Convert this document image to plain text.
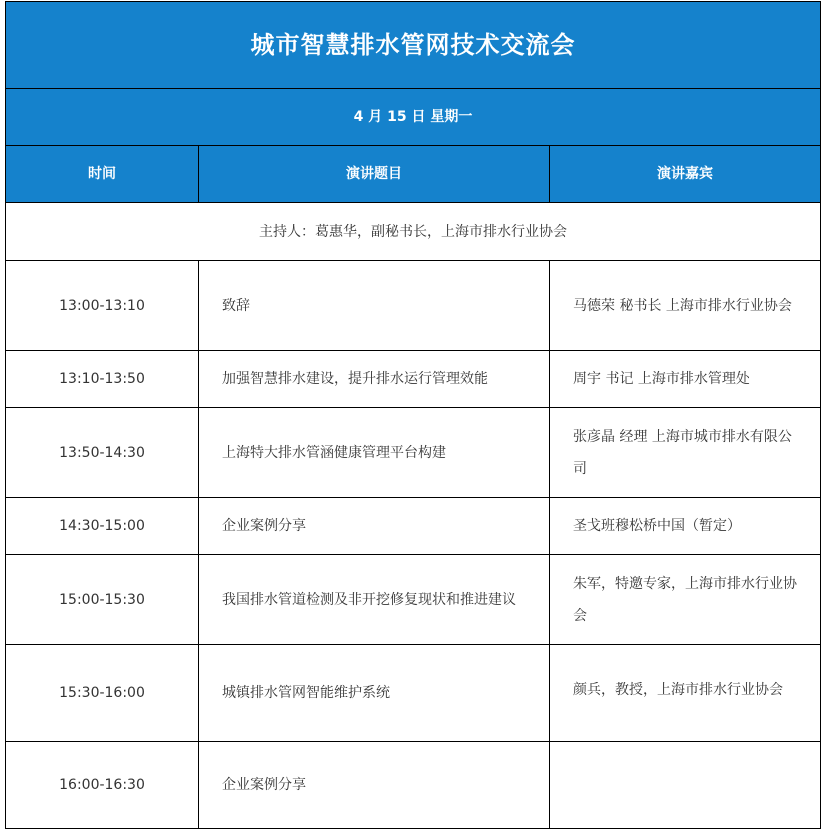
城市智慧排水管网技术交流会		
4 月 15 日 星期一		
时间	演讲题目	演讲嘉宾
主持人：葛惠华，副秘书长，上海市排水行业协会		
13:00-13:10	致辞	马德荣 秘书长 上海市排水行业协会
13:10-13:50	加强智慧排水建设，提升排水运行管理效能	周宇 书记 上海市排水管理处
13:50-14:30	上海特大排水管涵健康管理平台构建	张彦晶 经理 上海市城市排水有限公司
14:30-15:00	企业案例分享	圣戈班穆松桥中国（暂定）
15:00-15:30	我国排水管道检测及非开挖修复现状和推进建议	朱军，特邀专家，上海市排水行业协会
15:30-16:00	城镇排水管网智能维护系统	颜兵，教授，上海市排水行业协会
16:00-16:30	企业案例分享	
